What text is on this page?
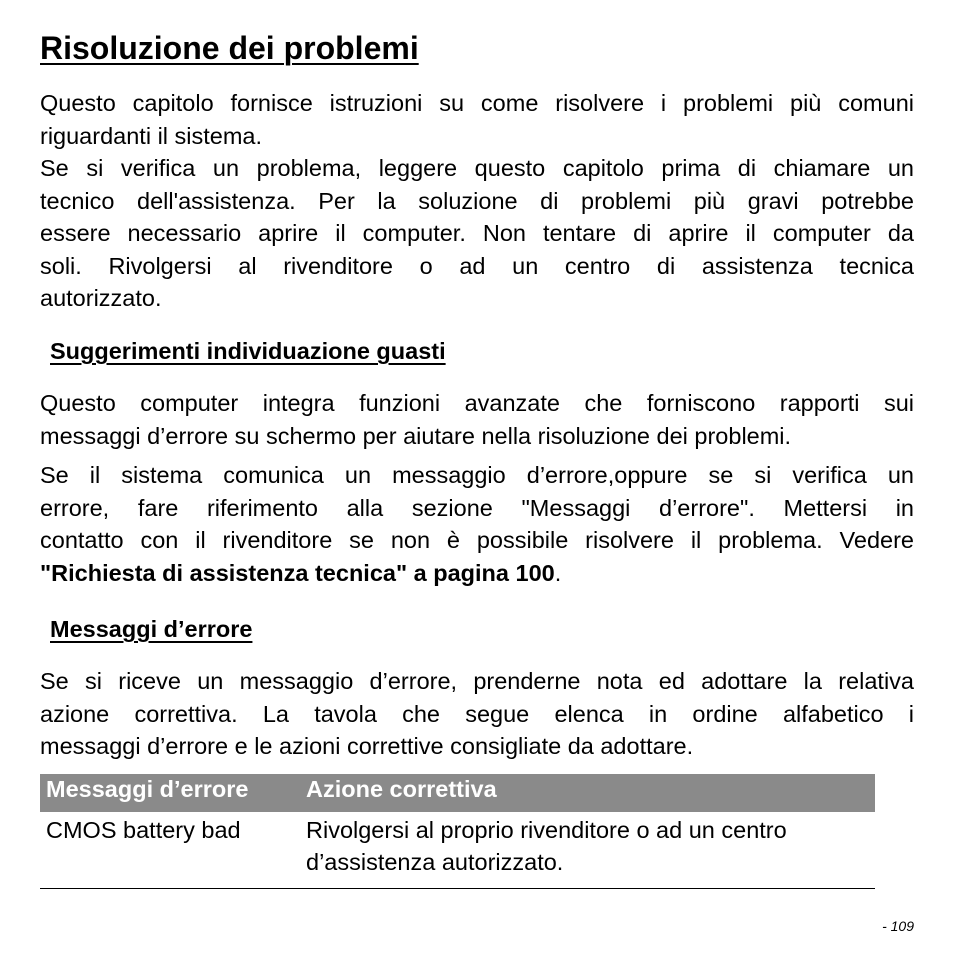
Risoluzione dei problemi

Questo capitolo fornisce istruzioni su come risolvere i problemi più comuni
riguardanti il sistema.
Se si verifica un problema, leggere questo capitolo prima di chiamare un
tecnico dell'assistenza. Per la soluzione di problemi più gravi potrebbe
essere necessario aprire il computer. Non tentare di aprire il computer da
soli. Rivolgersi al rivenditore o ad un centro di assistenza tecnica
autorizzato.

Suggerimenti individuazione guasti

Questo computer integra funzioni avanzate che forniscono rapporti sui
messaggi d’errore su schermo per aiutare nella risoluzione dei problemi.

Se il sistema comunica un messaggio d’errore,oppure se si verifica un
errore, fare riferimento alla sezione "Messaggi d’errore". Mettersi in
contatto con il rivenditore se non è possibile risolvere il problema. Vedere
"Richiesta di assistenza tecnica" a pagina 100.

Messaggi d’errore

Se si riceve un messaggio d’errore, prenderne nota ed adottare la relativa
azione correttiva. La tavola che segue elenca in ordine alfabetico i
messaggi d’errore e le azioni correttive consigliate da adottare.

Messaggi d’errore	Azione correttiva
CMOS battery bad	Rivolgersi al proprio rivenditore o ad un centro
d’assistenza autorizzato.
- 109
